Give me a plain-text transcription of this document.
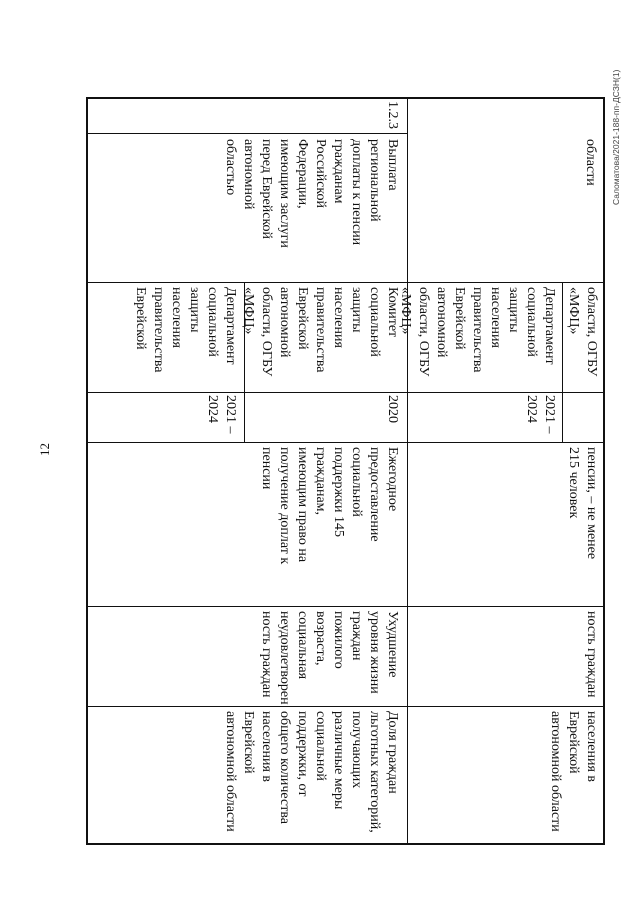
12
Саломатова/2021-188-пп-ДСЗН(1)
области
области, ОГБУ
«МФЦ»
Департамент
социальной
защиты
населения
правительства
Еврейской
автономной
области, ОГБУ
«МФЦ»
2021 –
2024
пенсии, – не менее
215 человек
ность граждан
населения в
Еврейской
автономной области
1.2.3
Выплата
региональной
доплаты к пенсии
гражданам
Российской
Федерации,
имеющим заслуги
перед Еврейской
автономной
областью
Комитет
социальной
защиты
населения
правительства
Еврейской
автономной
области, ОГБУ
«МФЦ»
2020
Департамент
социальной
защиты
населения
правительства
Еврейской
2021 –
2024
Ежегодное
предоставление
социальной
поддержки 145
гражданам,
имеющим право на
получение доплат к
пенсии
Ухудшение
уровня жизни
граждан
пожилого
возраста,
социальная
неудовлетворен
ность граждан
Доля граждан
льготных категорий,
получающих
различные меры
социальной
поддержки, от
общего количества
населения в
Еврейской
автономной области
